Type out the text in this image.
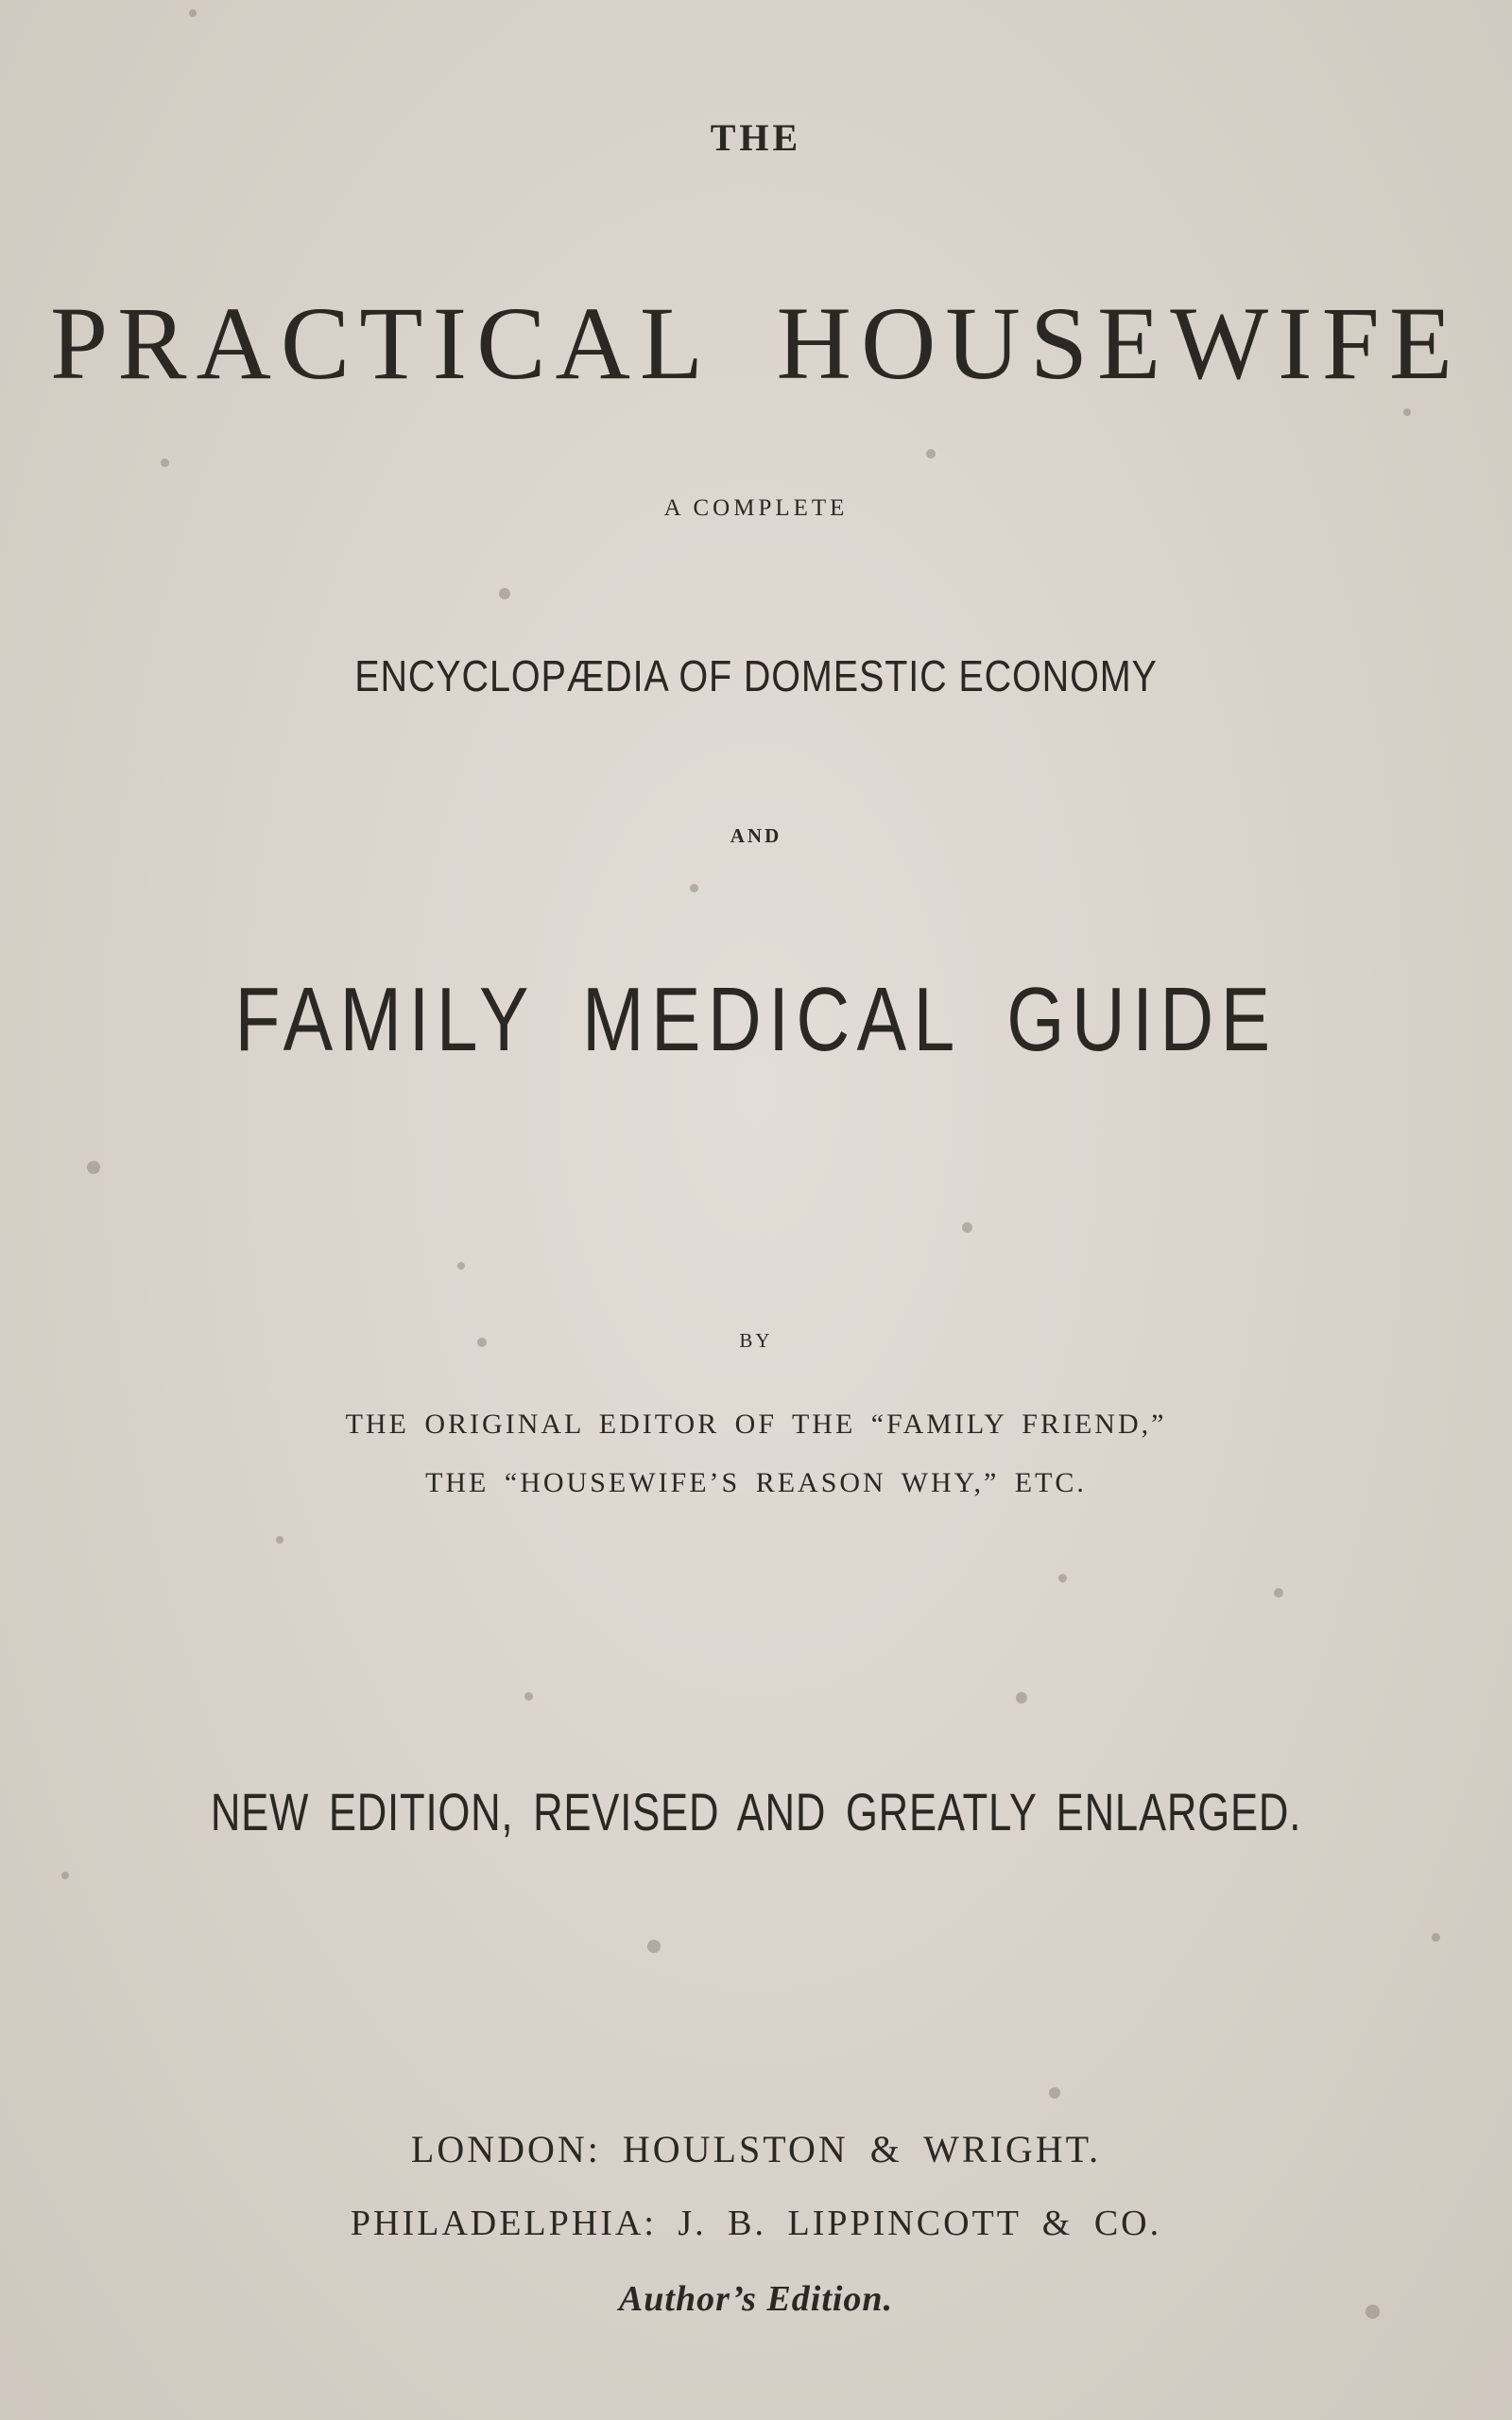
THE

PRACTICAL HOUSEWIFE

A COMPLETE

ENCYCLOPÆDIA OF DOMESTIC ECONOMY

AND

FAMILY MEDICAL GUIDE

BY

THE ORIGINAL EDITOR OF THE “FAMILY FRIEND,”

THE “HOUSEWIFE’S REASON WHY,” ETC.

NEW EDITION, REVISED AND GREATLY ENLARGED.

LONDON: HOULSTON & WRIGHT.

PHILADELPHIA: J. B. LIPPINCOTT & CO.

Author’s Edition.
